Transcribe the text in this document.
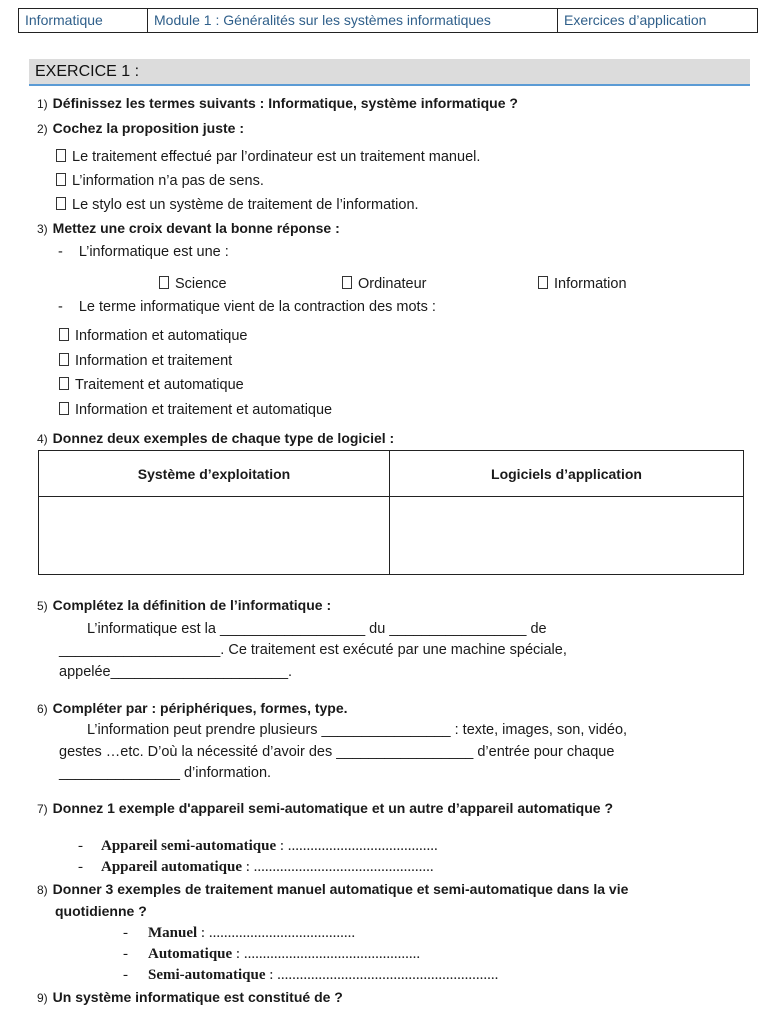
Informatique	Module 1 : Généralités sur les systèmes informatiques	Exercices d’application
EXERCICE 1 :
1) Définissez les termes suivants : Informatique, système informatique ?
2) Cochez la proposition juste :
Le traitement effectué par l’ordinateur est un traitement manuel.
L’information n’a pas de sens.
Le stylo est un système de traitement de l’information.
3) Mettez une croix devant la bonne réponse :
- L’informatique est une :
Science	Ordinateur	Information
- Le terme informatique vient de la contraction des mots :
Information et automatique
Information et traitement
Traitement et automatique
Information et traitement et automatique
4) Donnez deux exemples de chaque type de logiciel :
Système d’exploitation	Logiciels d’application

5) Complétez la définition de l’informatique :
L’informatique est la __________________ du _________________ de
____________________. Ce traitement est exécuté par une machine spéciale,
appelée______________________.
6) Compléter par : périphériques, formes, type.
L’information peut prendre plusieurs ________________ : texte, images, son, vidéo,
gestes …etc. D’où la nécessité d’avoir des _________________ d’entrée pour chaque
_______________ d’information.
7) Donnez 1 exemple d'appareil semi-automatique et un autre d’appareil automatique ?
- Appareil semi-automatique : ........................................
- Appareil automatique : ................................................
8) Donner 3 exemples de traitement manuel automatique et semi-automatique dans la vie
quotidienne ?
- Manuel : .......................................
- Automatique : ...............................................
- Semi-automatique : ...........................................................
9) Un système informatique est constitué de ?
